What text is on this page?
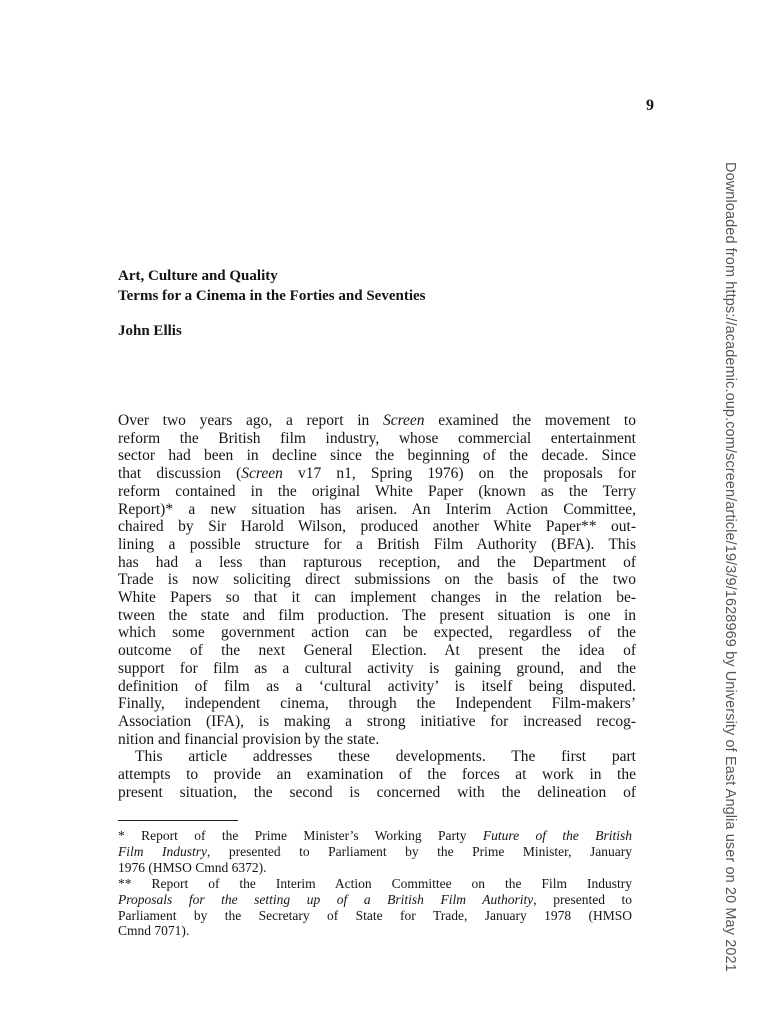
9
Downloaded from https://academic.oup.com/screen/article/19/3/9/1628969 by University of East Anglia user on 20 May 2021
Art, Culture and Quality
Terms for a Cinema in the Forties and Seventies
John Ellis
Over two years ago, a report in Screen examined the movement to
reform the British film industry, whose commercial entertainment
sector had been in decline since the beginning of the decade. Since
that discussion (Screen v17 n1, Spring 1976) on the proposals for
reform contained in the original White Paper (known as the Terry
Report)* a new situation has arisen. An Interim Action Committee,
chaired by Sir Harold Wilson, produced another White Paper** out-
lining a possible structure for a British Film Authority (BFA). This
has had a less than rapturous reception, and the Department of
Trade is now soliciting direct submissions on the basis of the two
White Papers so that it can implement changes in the relation be-
tween the state and film production. The present situation is one in
which some government action can be expected, regardless of the
outcome of the next General Election. At present the idea of
support for film as a cultural activity is gaining ground, and the
definition of film as a ‘cultural activity’ is itself being disputed.
Finally, independent cinema, through the Independent Film-makers’
Association (IFA), is making a strong initiative for increased recog-
nition and financial provision by the state.
This article addresses these developments. The first part
attempts to provide an examination of the forces at work in the
present situation, the second is concerned with the delineation of
* Report of the Prime Minister’s Working Party Future of the British
Film Industry, presented to Parliament by the Prime Minister, January
1976 (HMSO Cmnd 6372).
** Report of the Interim Action Committee on the Film Industry
Proposals for the setting up of a British Film Authority, presented to
Parliament by the Secretary of State for Trade, January 1978 (HMSO
Cmnd 7071).
